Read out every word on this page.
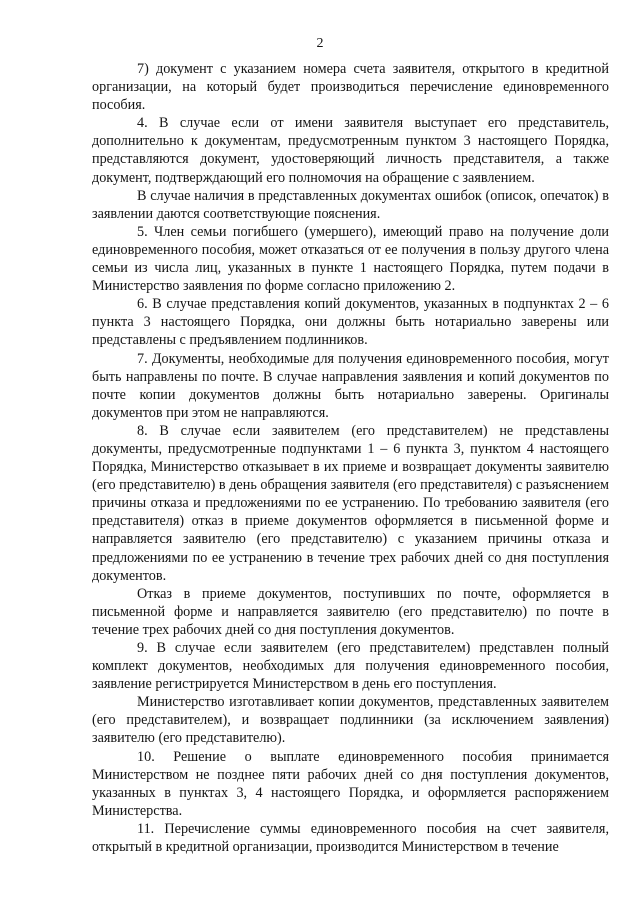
2

7) документ с указанием номера счета заявителя, открытого в кредитной организации, на который будет производиться перечисление единовременного пособия.

4. В случае если от имени заявителя выступает его представитель, дополнительно к документам, предусмотренным пунктом 3 настоящего Порядка, представляются документ, удостоверяющий личность представителя, а также документ, подтверждающий его полномочия на обращение с заявлением.

В случае наличия в представленных документах ошибок (описок, опечаток) в заявлении даются соответствующие пояснения.

5. Член семьи погибшего (умершего), имеющий право на получение доли единовременного пособия, может отказаться от ее получения в пользу другого члена семьи из числа лиц, указанных в пункте 1 настоящего Порядка, путем подачи в Министерство заявления по форме согласно приложению 2.

6. В случае представления копий документов, указанных в подпунктах 2 – 6 пункта 3 настоящего Порядка, они должны быть нотариально заверены или представлены с предъявлением подлинников.

7. Документы, необходимые для получения единовременного пособия, могут быть направлены по почте. В случае направления заявления и копий документов по почте копии документов должны быть нотариально заверены. Оригиналы документов при этом не направляются.

8. В случае если заявителем (его представителем) не представлены документы, предусмотренные подпунктами 1 – 6 пункта 3, пунктом 4 настоящего Порядка, Министерство отказывает в их приеме и возвращает документы заявителю (его представителю) в день обращения заявителя (его представителя) с разъяснением причины отказа и предложениями по ее устранению. По требованию заявителя (его представителя) отказ в приеме документов оформляется в письменной форме и направляется заявителю (его представителю) с указанием причины отказа и предложениями по ее устранению в течение трех рабочих дней со дня поступления документов.

Отказ в приеме документов, поступивших по почте, оформляется в письменной форме и направляется заявителю (его представителю) по почте в течение трех рабочих дней со дня поступления документов.

9. В случае если заявителем (его представителем) представлен полный комплект документов, необходимых для получения единовременного пособия, заявление регистрируется Министерством в день его поступления.

Министерство изготавливает копии документов, представленных заявителем (его представителем), и возвращает подлинники (за исключением заявления) заявителю (его представителю).

10. Решение о выплате единовременного пособия принимается Министерством не позднее пяти рабочих дней со дня поступления документов, указанных в пунктах 3, 4 настоящего Порядка, и оформляется распоряжением Министерства.

11. Перечисление суммы единовременного пособия на счет заявителя, открытый в кредитной организации, производится Министерством в течение
